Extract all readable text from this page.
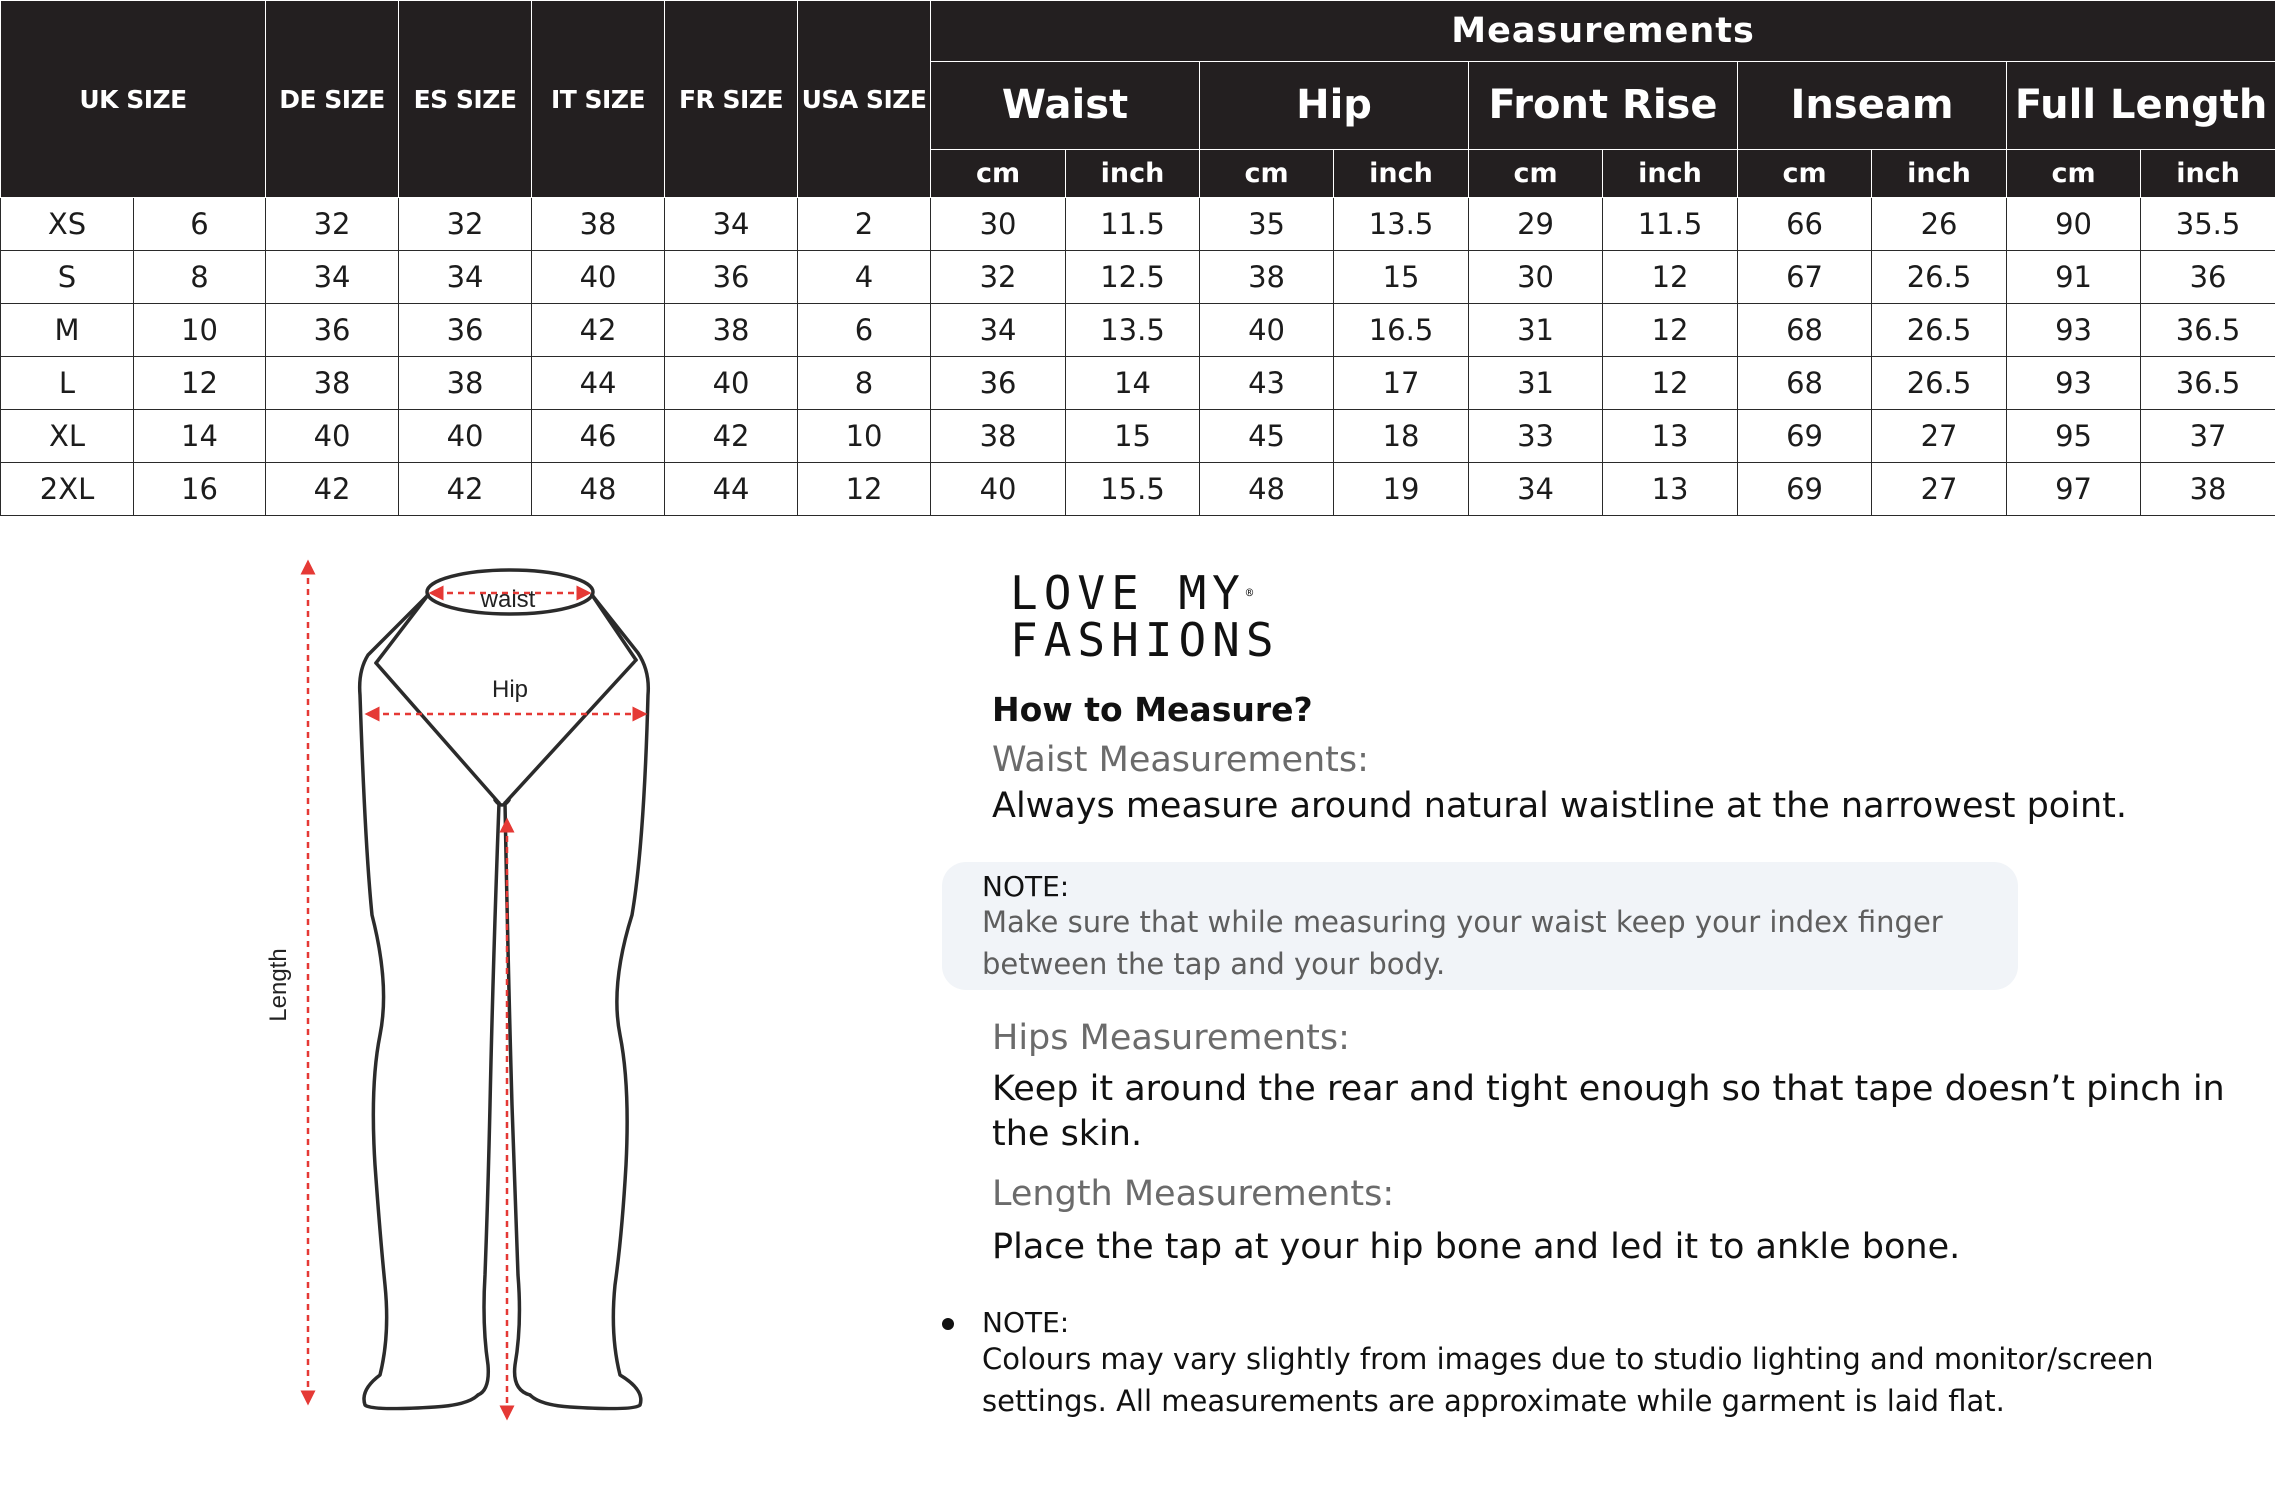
UK SIZE		DE SIZE	ES SIZE	IT SIZE	FR SIZE	USA SIZE	Measurements									
							Waist		Hip		Front Rise		Inseam		Full Length	
							cm	inch	cm	inch	cm	inch	cm	inch	cm	inch
XS	6	32	32	38	34	2	30	11.5	35	13.5	29	11.5	66	26	90	35.5
S	8	34	34	40	36	4	32	12.5	38	15	30	12	67	26.5	91	36
M	10	36	36	42	38	6	34	13.5	40	16.5	31	12	68	26.5	93	36.5
L	12	38	38	44	40	8	36	14	43	17	31	12	68	26.5	93	36.5
XL	14	40	40	46	42	10	38	15	45	18	33	13	69	27	95	37
2XL	16	42	42	48	44	12	40	15.5	48	19	34	13	69	27	97	38
waist
Hip
Length
LOVE MY®
FASHIONS
How to Measure?
Waist Measurements:
Always measure around natural waistline at the narrowest point.
NOTE:
Make sure that while measuring your waist keep your index finger between the tap and your body.
Hips Measurements:
Keep it around the rear and tight enough so that tape doesn’t pinch in the skin.
Length Measurements:
Place the tap at your hip bone and led it to ankle bone.
NOTE:
Colours may vary slightly from images due to studio lighting and monitor/screen settings. All measurements are approximate while garment is laid flat.
